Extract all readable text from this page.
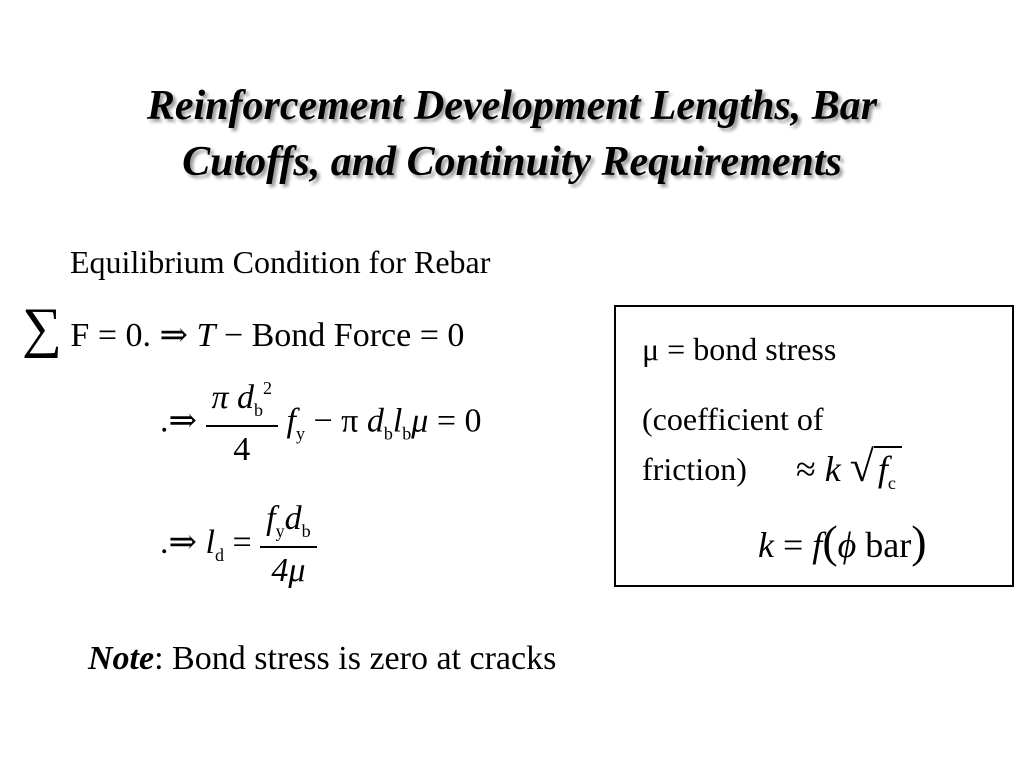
Reinforcement Development Lengths, Bar
Cutoffs, and Continuity Requirements
Equilibrium Condition for Rebar
∑ F = 0. ⇒ T − Bond Force = 0
.⇒ $\frac{\pi d_b^2}{4} f_y - \pi$ $d_bl_b\mu = 0$
.⇒ $l_d = \frac{f_yd_b}{4\mu}$
μ = bond stress
(coefficient of
friction) ≈ k √ $f_c$
k = f(ϕ bar)
Note: Bond stress is zero at cracks
